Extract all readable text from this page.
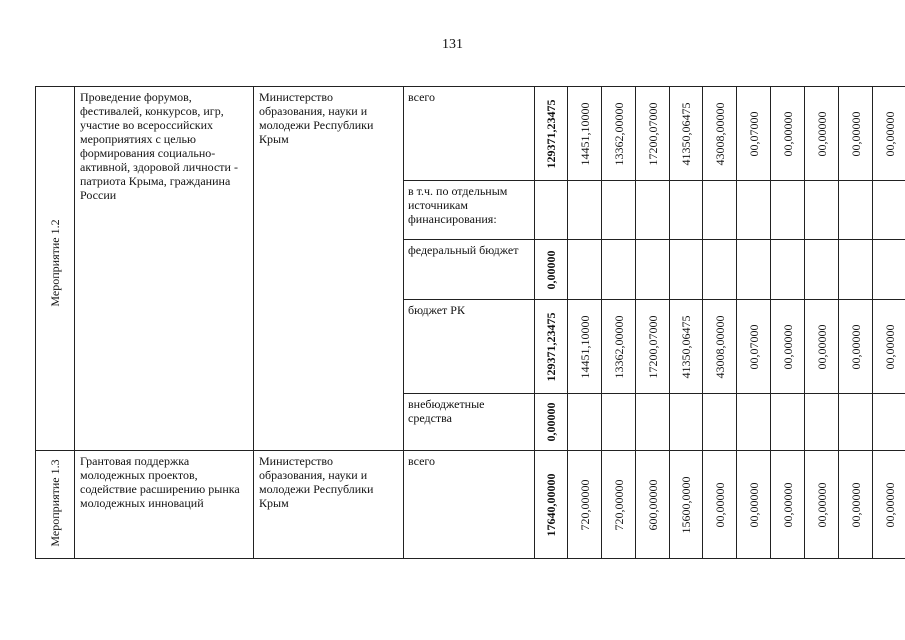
131
Мероприятие 1.2	Проведение форумов, фестивалей, конкурсов, игр, участие во всероссийских мероприятиях с целью формирования социально-активной, здоровой личности - патриота Крыма, гражданина России	Министерство образования, науки и молодежи Республики Крым	всего	129371,23475	14451,10000	13362,00000	17200,07000	41350,06475	43008,00000	00,07000	00,00000	00,00000	00,00000	00,00000

			в т.ч. по отдельным источникам финансирования:											

			федеральный бюджет	0,00000										

			бюджет РК	129371,23475	14451,10000	13362,00000	17200,07000	41350,06475	43008,00000	00,07000	00,00000	00,00000	00,00000	00,00000

			внебюджетные средства	0,00000										

Мероприятие 1.3	Грантовая поддержка молодежных проектов, содействие расширению рынка молодежных инноваций	Министерство образования, науки и молодежи Республики Крым	всего	17640,00000	720,00000	720,00000	600,00000	15600,0000	00,00000	00,00000	00,00000	00,00000	00,00000	00,00000
